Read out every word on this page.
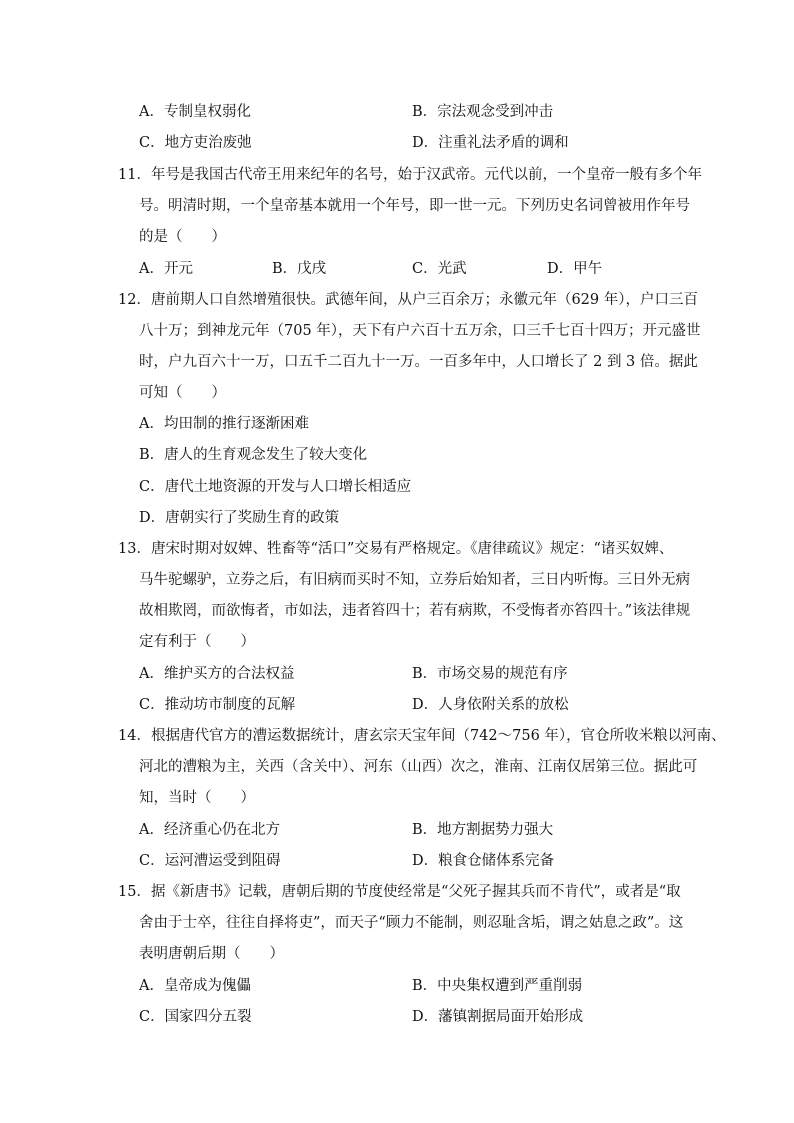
A．专制皇权弱化	B．宗法观念受到冲击
C．地方吏治废弛	D．注重礼法矛盾的调和
11．年号是我国古代帝王用来纪年的名号，始于汉武帝。元代以前，一个皇帝一般有多个年
号。明清时期，一个皇帝基本就用一个年号，即一世一元。下列历史名词曾被用作年号
的是（　　）
A．开元	B．戊戌	C．光武	D．甲午
12．唐前期人口自然增殖很快。武德年间，从户三百余万；永徽元年（629 年），户口三百
八十万；到神龙元年（705 年），天下有户六百十五万余，口三千七百十四万；开元盛世
时，户九百六十一万，口五千二百九十一万。一百多年中，人口增长了 2 到 3 倍。据此
可知（　　）
A．均田制的推行逐渐困难
B．唐人的生育观念发生了较大变化
C．唐代土地资源的开发与人口增长相适应
D．唐朝实行了奖励生育的政策
13．唐宋时期对奴婢、牲畜等“活口”交易有严格规定。《唐律疏议》规定：“诸买奴婢、
马牛驼螺驴，立券之后，有旧病而买时不知，立券后始知者，三日内听悔。三日外无病
故相欺罔，而欲悔者，市如法，违者笞四十；若有病欺，不受悔者亦笞四十。”该法律规
定有利于（　　）
A．维护买方的合法权益	B．市场交易的规范有序
C．推动坊市制度的瓦解	D．人身依附关系的放松
14．根据唐代官方的漕运数据统计，唐玄宗天宝年间（742～756 年），官仓所收米粮以河南、
河北的漕粮为主，关西（含关中）、河东（山西）次之，淮南、江南仅居第三位。据此可
知，当时（　　）
A．经济重心仍在北方	B．地方割据势力强大
C．运河漕运受到阻碍	D．粮食仓储体系完备
15．据《新唐书》记载，唐朝后期的节度使经常是“父死子握其兵而不肯代”，或者是“取
舍由于士卒，往往自择将吏”，而天子“顾力不能制，则忍耻含垢，谓之姑息之政”。这
表明唐朝后期（　　）
A．皇帝成为傀儡	B．中央集权遭到严重削弱
C．国家四分五裂	D．藩镇割据局面开始形成
